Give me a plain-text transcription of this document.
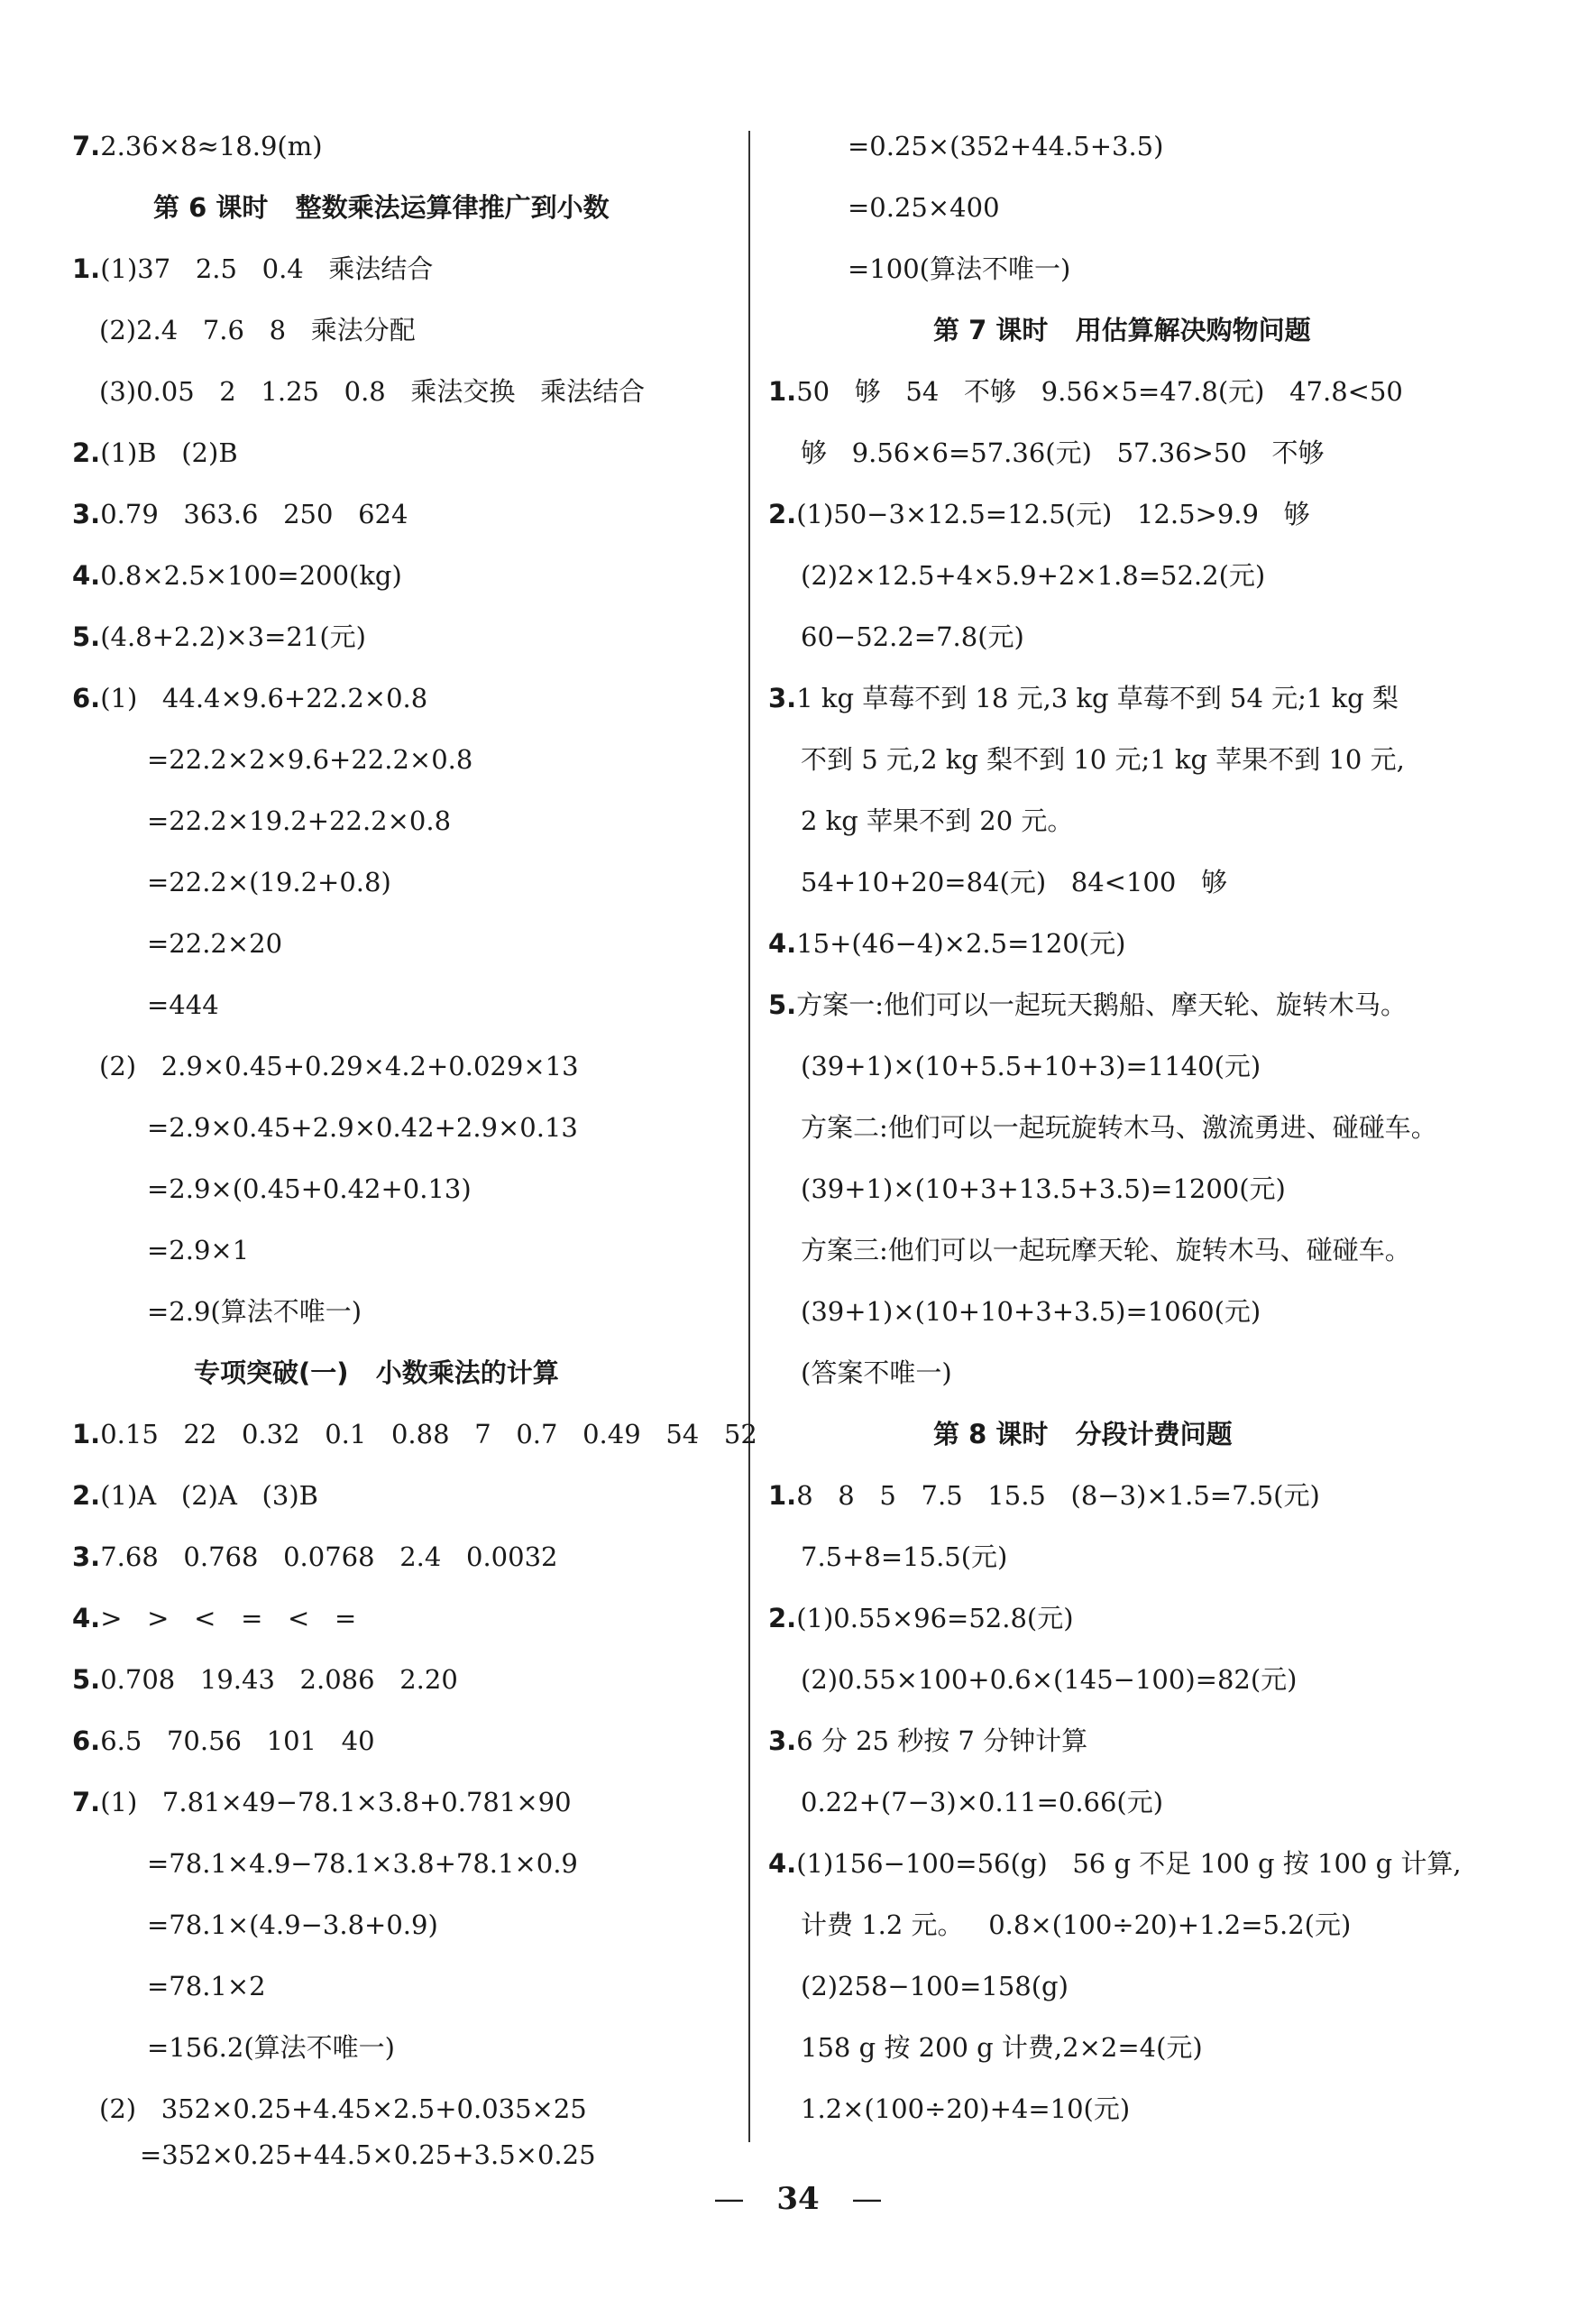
7.2.36×8≈18.9(m)
第 6 课时   整数乘法运算律推广到小数
1.(1)37   2.5   0.4   乘法结合
(2)2.4   7.6   8   乘法分配
(3)0.05   2   1.25   0.8   乘法交换   乘法结合
2.(1)B   (2)B
3.0.79   363.6   250   624
4.0.8×2.5×100=200(kg)
5.(4.8+2.2)×3=21(元)
6.(1)   44.4×9.6+22.2×0.8
=22.2×2×9.6+22.2×0.8
=22.2×19.2+22.2×0.8
=22.2×(19.2+0.8)
=22.2×20
=444
(2)   2.9×0.45+0.29×4.2+0.029×13
=2.9×0.45+2.9×0.42+2.9×0.13
=2.9×(0.45+0.42+0.13)
=2.9×1
=2.9(算法不唯一)
专项突破(一)   小数乘法的计算
1.0.15   22   0.32   0.1   0.88   7   0.7   0.49   54   52
2.(1)A   (2)A   (3)B
3.7.68   0.768   0.0768   2.4   0.0032
4.>   >   <   =   <   =
5.0.708   19.43   2.086   2.20
6.6.5   70.56   101   40
7.(1)   7.81×49−78.1×3.8+0.781×90
=78.1×4.9−78.1×3.8+78.1×0.9
=78.1×(4.9−3.8+0.9)
=78.1×2
=156.2(算法不唯一)
(2)   352×0.25+4.45×2.5+0.035×25
=352×0.25+44.5×0.25+3.5×0.25
=0.25×(352+44.5+3.5)
=0.25×400
=100(算法不唯一)
第 7 课时   用估算解决购物问题
1.50   够   54   不够   9.56×5=47.8(元)   47.8<50
够   9.56×6=57.36(元)   57.36>50   不够
2.(1)50−3×12.5=12.5(元)   12.5>9.9   够
(2)2×12.5+4×5.9+2×1.8=52.2(元)
60−52.2=7.8(元)
3.1 kg 草莓不到 18 元,3 kg 草莓不到 54 元;1 kg 梨
不到 5 元,2 kg 梨不到 10 元;1 kg 苹果不到 10 元,
2 kg 苹果不到 20 元。
54+10+20=84(元)   84<100   够
4.15+(46−4)×2.5=120(元)
5.方案一:他们可以一起玩天鹅船、摩天轮、旋转木马。
(39+1)×(10+5.5+10+3)=1140(元)
方案二:他们可以一起玩旋转木马、激流勇进、碰碰车。
(39+1)×(10+3+13.5+3.5)=1200(元)
方案三:他们可以一起玩摩天轮、旋转木马、碰碰车。
(39+1)×(10+10+3+3.5)=1060(元)
(答案不唯一)
第 8 课时   分段计费问题
1.8   8   5   7.5   15.5   (8−3)×1.5=7.5(元)
7.5+8=15.5(元)
2.(1)0.55×96=52.8(元)
(2)0.55×100+0.6×(145−100)=82(元)
3.6 分 25 秒按 7 分钟计算
0.22+(7−3)×0.11=0.66(元)
4.(1)156−100=56(g)   56 g 不足 100 g 按 100 g 计算,
计费 1.2 元。   0.8×(100÷20)+1.2=5.2(元)
(2)258−100=158(g)
158 g 按 200 g 计费,2×2=4(元)
1.2×(100÷20)+4=10(元)
— 34 —
